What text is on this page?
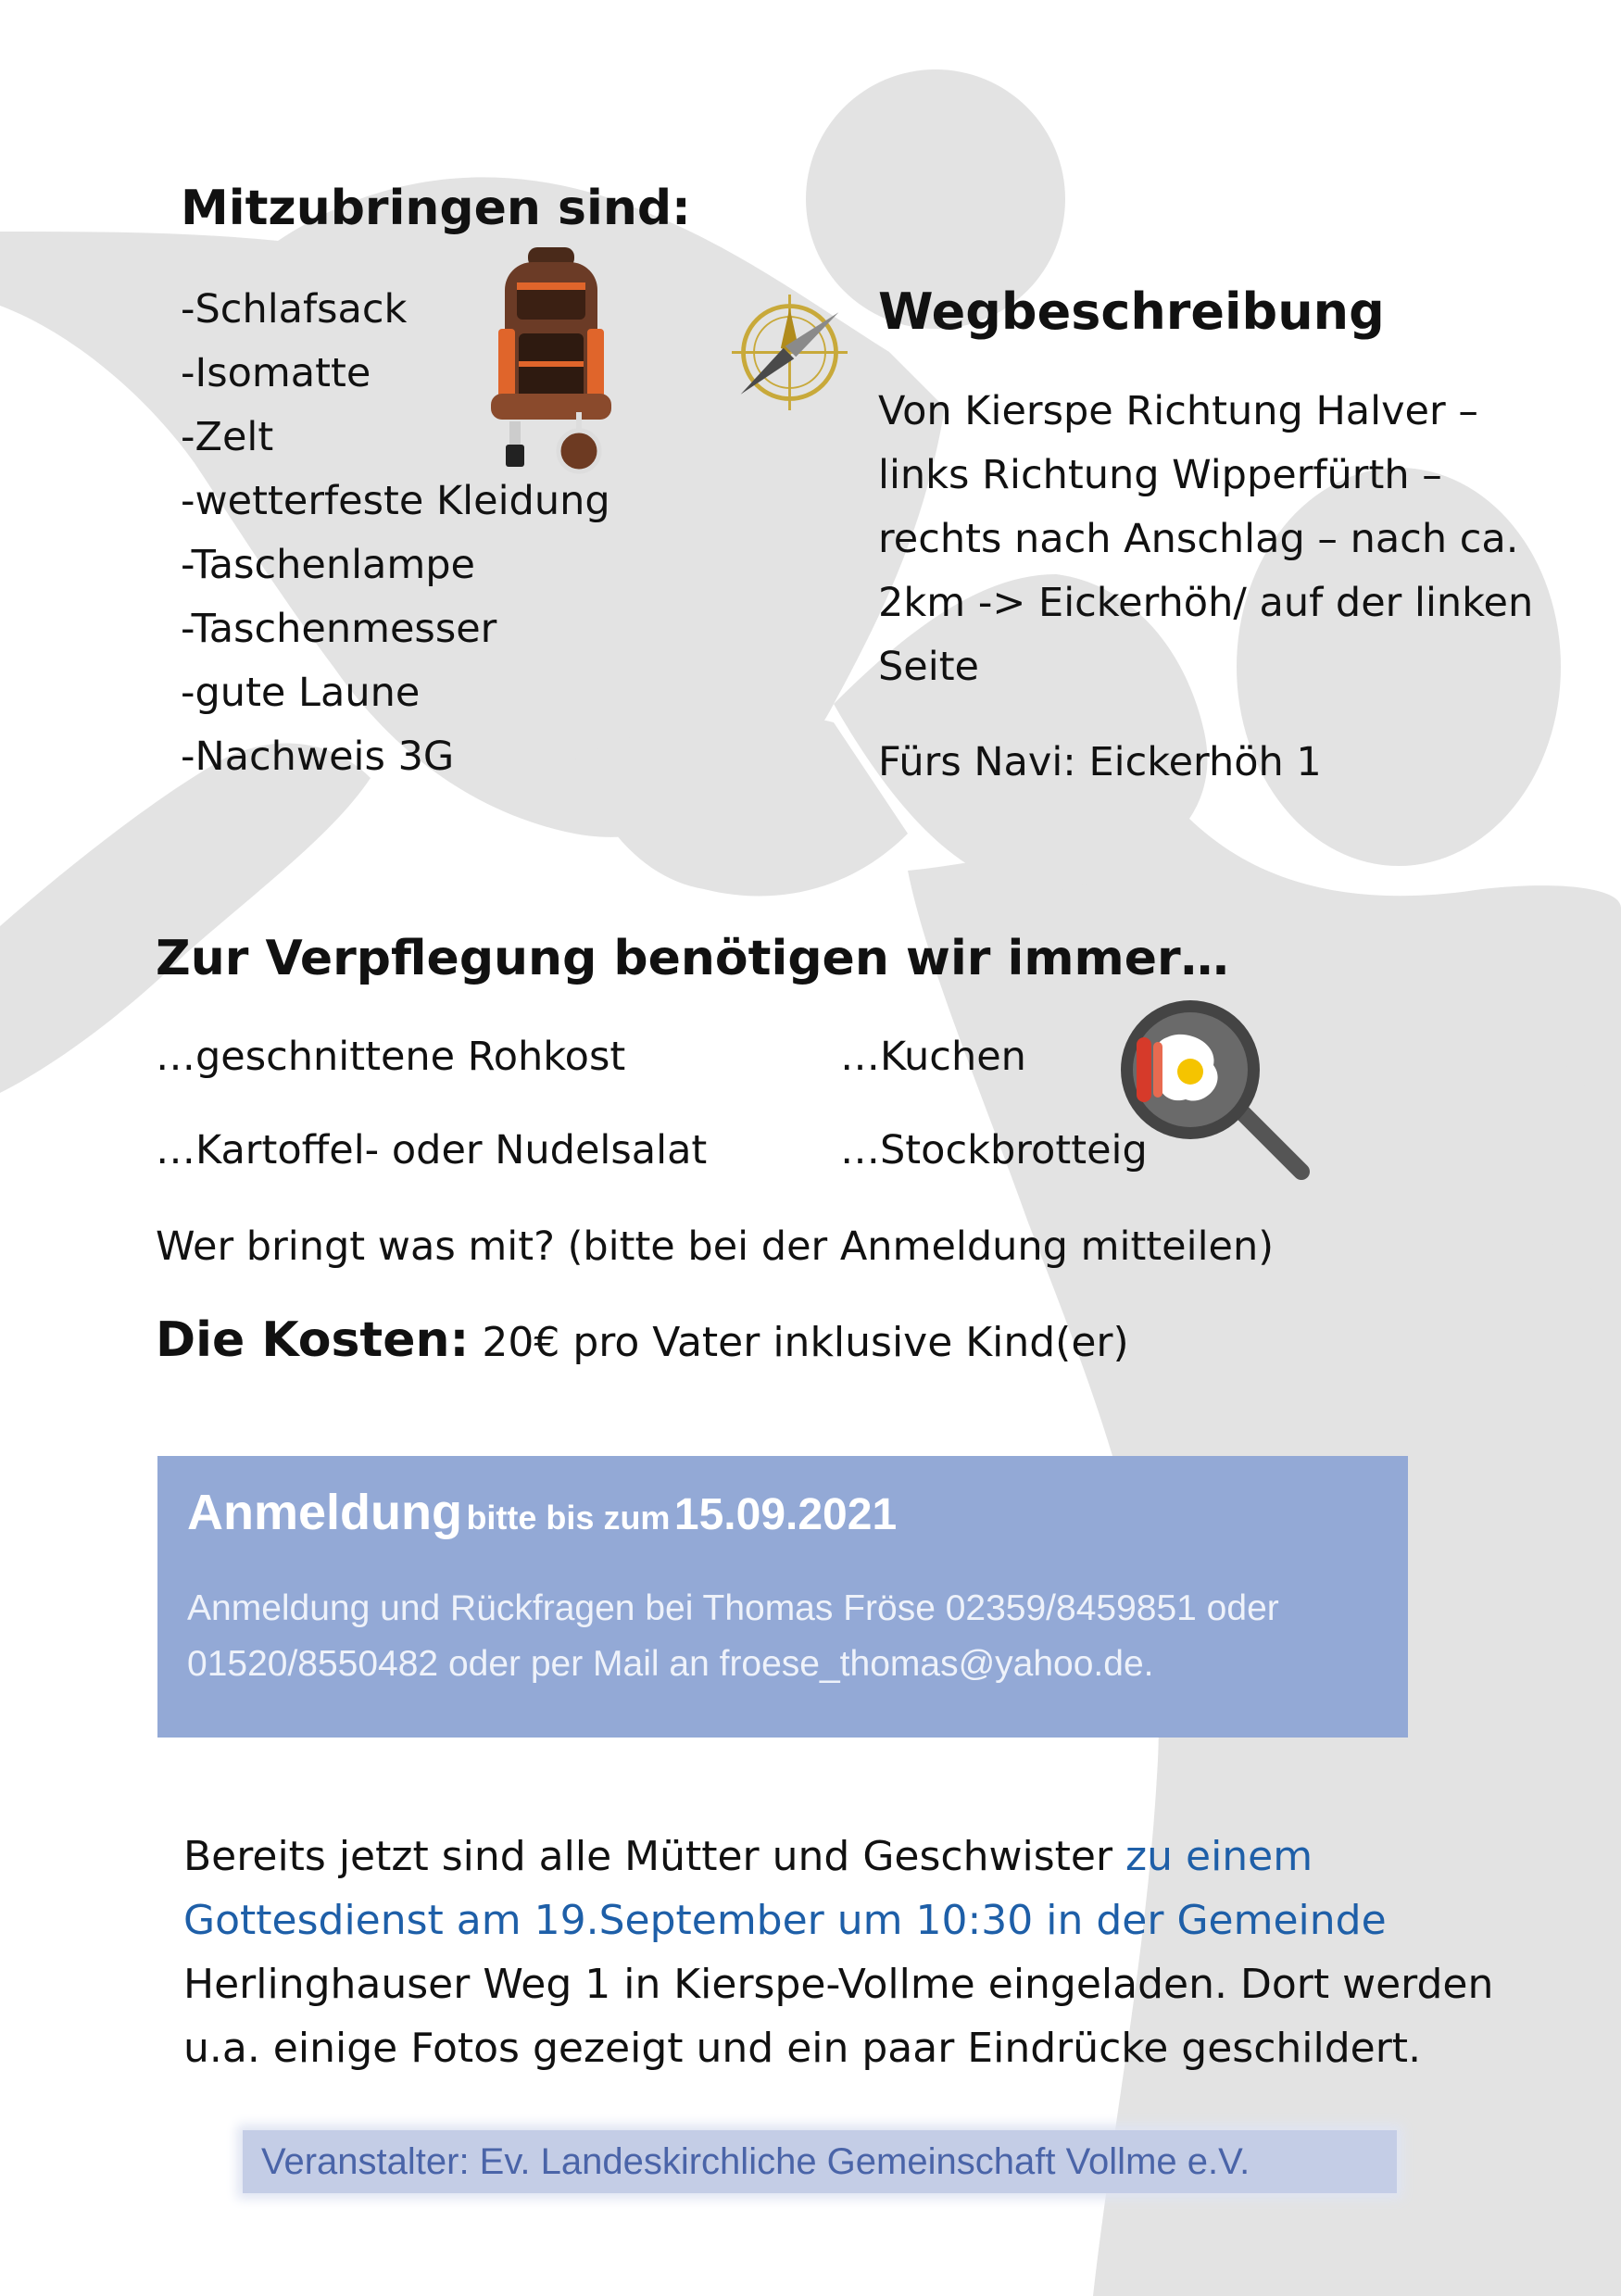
Mitzubringen sind:
-Schlafsack
-Isomatte
-Zelt
-wetterfeste Kleidung
-Taschenlampe
-Taschenmesser
-gute Laune
-Nachweis 3G
Wegbeschreibung
Von Kierspe Richtung Halver –
links Richtung Wipperfürth –
rechts nach Anschlag – nach ca.
2km -> Eickerhöh/ auf der linken
Seite
Fürs Navi: Eickerhöh 1
Zur Verpflegung benötigen wir immer…
…geschnittene Rohkost
…Kartoffel- oder Nudelsalat
…Kuchen
…Stockbrotteig
Wer bringt was mit? (bitte bei der Anmeldung mitteilen)
Die Kosten: 20€ pro Vater inklusive Kind(er)
Anmeldung bitte bis zum 15.09.2021
Anmeldung und Rückfragen bei Thomas Fröse 02359/8459851 oder
01520/8550482 oder per Mail an froese_thomas@yahoo.de.
Bereits jetzt sind alle Mütter und Geschwister zu einem
Gottesdienst am 19.September um 10:30 in der Gemeinde
Herlinghauser Weg 1 in Kierspe-Vollme eingeladen. Dort werden
u.a. einige Fotos gezeigt und ein paar Eindrücke geschildert.
Veranstalter: Ev. Landeskirchliche Gemeinschaft Vollme e.V.
